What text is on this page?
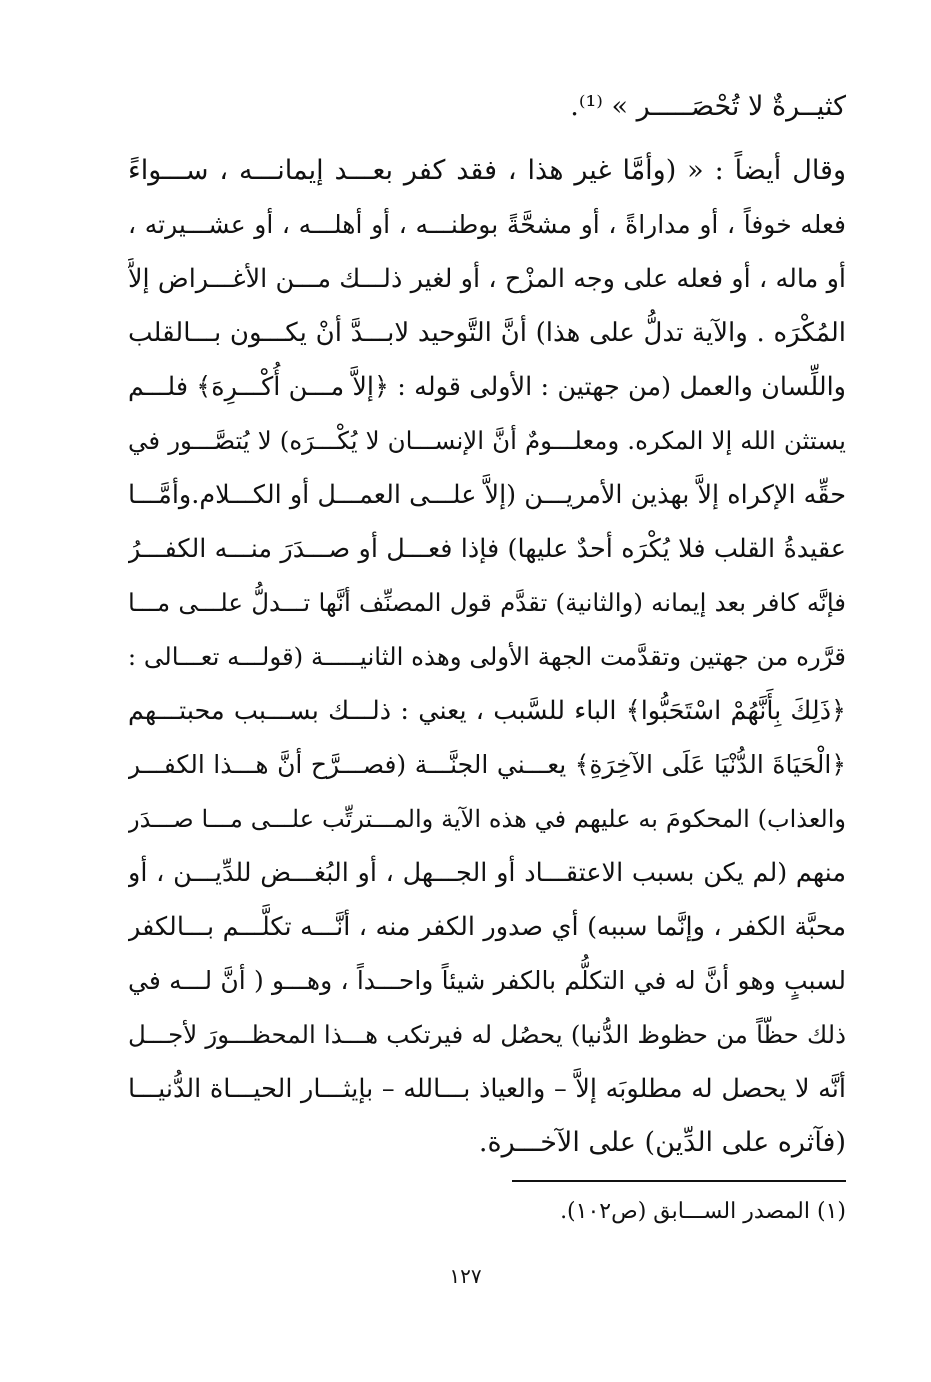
كثيــرةٌ لا تُحْصَـــــر » ⁽¹⁾.
وقال أيضاً : « (وأمَّا غير هذا ، فقد كفر بعـــد إيمانـــه ، ســـواءً
فعله خوفاً ، أو مداراةً ، أو مشحَّةً بوطنـــه ، أو أهلـــه ، أو عشـــيرته ،
أو ماله ، أو فعله على وجه المزْح ، أو لغير ذلـــك مـــن الأغـــراض إلاَّ
المُكْرَه . والآية تدلُّ على هذا) أنَّ التَّوحيد لابـــدَّ أنْ يكـــون بـــالقلب
واللِّسان والعمل (من جهتين : الأولى قوله : ﴿إلاَّ مـــن أُكْـــرِهَ﴾ فلـــم
يستثن الله إلا المكره. ومعلـــومٌ أنَّ الإنســـان لا يُكْـــرَه) لا يُتصَّـــور في
حقِّه الإكراه إلاَّ بهذين الأمريـــن (إلاَّ علـــى العمـــل أو الكـــلام.وأمَّـــا
عقيدةُ القلب فلا يُكْرَه أحدٌ عليها) فإذا فعـــل أو صـــدَرَ منـــه الكفـــرُ
فإنَّه كافر بعد إيمانه (والثانية) تقدَّم قول المصنِّف أنَّها تـــدلُّ علـــى مـــا
قرَّره من جهتين وتقدَّمت الجهة الأولى وهذه الثانيـــــة (قولـــه تعـــالى :
﴿ذَلِكَ بِأَنَّهُمْ اسْتَحَبُّوا﴾ الباء للسَّبب ، يعني : ذلـــك بســـبب محبتـــهم
﴿الْحَيَاةَ الدُّنْيَا عَلَى الآخِرَةِ﴾ يعـــني الجنَّـــة (فصـــرَّح أنَّ هـــذا الكفـــر
والعذاب) المحكومَ به عليهم في هذه الآية والمـــترتِّب علـــى مـــا صـــدَر
منهم (لم يكن بسبب الاعتقـــاد أو الجـــهل ، أو البُغـــض للدِّيـــن ، أو
محبَّة الكفر ، وإنَّما سببه) أي صدور الكفر منه ، أنَّـــه تكلَّـــم بـــالكفر
لسببٍ وهو أنَّ له في التكلُّم بالكفر شيئاً واحـــداً ، وهـــو ( أنَّ لـــه في
ذلك حظّاً من حظوظ الدُّنيا) يحصُل له فيرتكب هـــذا المحظـــورَ لأجـــل
أنَّه لا يحصل له مطلوبَه إلاَّ – والعياذ بـــالله – بإيثـــار الحيـــاة الدُّنيـــا
(فآثره على الدِّين) على الآخـــرة.
(١) المصدر الســـابق (ص١٠٢).
١٢٧
